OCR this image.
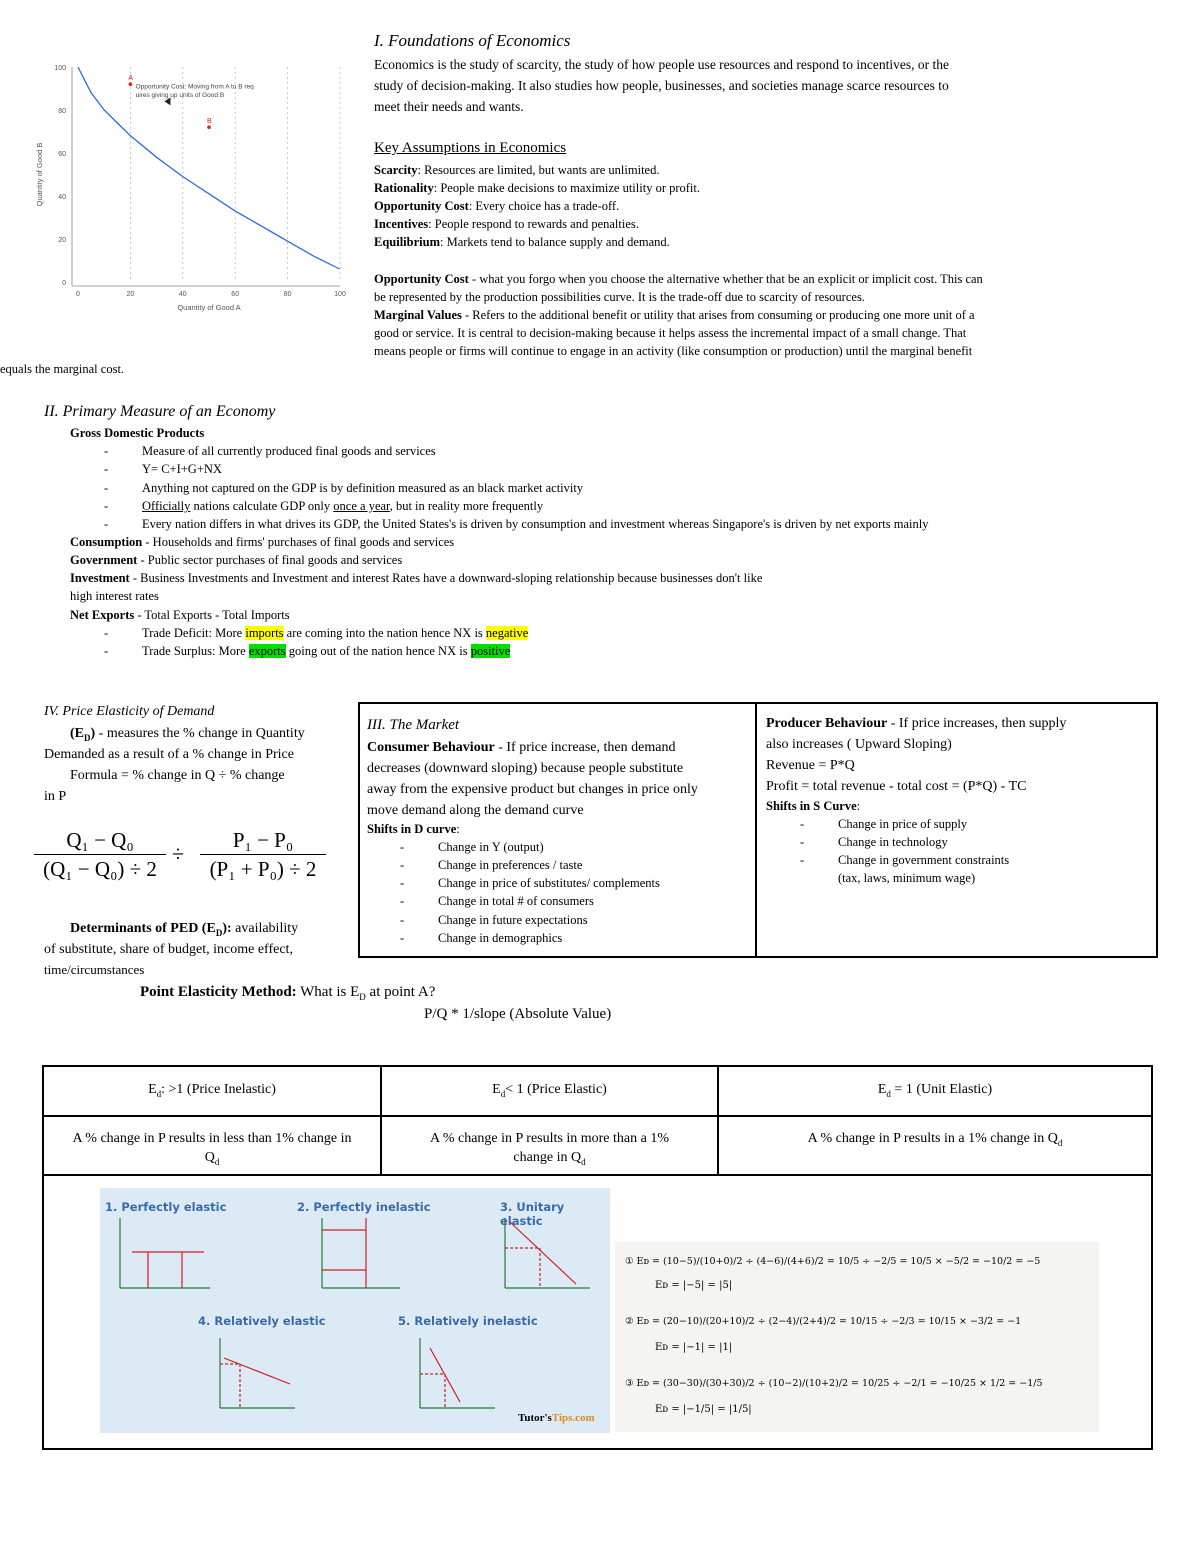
0	20	40	60	80	100
0
20
40
60
80
100
Quantity of Good A
Quantity of Good B
A
B
Opportunity Cost: Moving from A to B req
uires giving up units of Good B
I. Foundations of Economics
Economics is the study of scarcity, the study of how people use resources and respond to incentives, or the
study of decision-making. It also studies how people, businesses, and societies manage scarce resources to
meet their needs and wants.
Key Assumptions in Economics
Scarcity: Resources are limited, but wants are unlimited.
Rationality: People make decisions to maximize utility or profit.
Opportunity Cost: Every choice has a trade-off.
Incentives: People respond to rewards and penalties.
Equilibrium: Markets tend to balance supply and demand.
Opportunity Cost - what you forgo when you choose the alternative whether that be an explicit or implicit cost. This can
be represented by the production possibilities curve. It is the trade-off due to scarcity of resources.
Marginal Values - Refers to the additional benefit or utility that arises from consuming or producing one more unit of a
good or service. It is central to decision-making because it helps assess the incremental impact of a small change. That
means people or firms will continue to engage in an activity (like consumption or production) until the marginal benefit
equals the marginal cost.
II. Primary Measure of an Economy
Gross Domestic Products
- Measure of all currently produced final goods and services
- Y= C+I+G+NX
- Anything not captured on the GDP is by definition measured as an black market activity
- Officially nations calculate GDP only once a year, but in reality more frequently
- Every nation differs in what drives its GDP, the United States's is driven by consumption and investment whereas Singapore's is driven by net exports mainly
Consumption - Households and firms' purchases of final goods and services
Government - Public sector purchases of final goods and services
Investment - Business Investments and Investment and interest Rates have a downward-sloping relationship because businesses don't like
high interest rates
Net Exports - Total Exports - Total Imports
- Trade Deficit: More imports are coming into the nation hence NX is negative
- Trade Surplus: More exports going out of the nation hence NX is positive
IV. Price Elasticity of Demand
$(E_D)$ - measures the % change in Quantity
Demanded as a result of a % change in Price
Formula = % change in Q ÷ % change
in P
Q₁ − Q₀
(Q₁ − Q₀) ÷ 2
÷
P₁ − P₀
(P₁ + P₀) ÷ 2
Determinants of PED $(E_D)$: availability
of substitute, share of budget, income effect,
time/circumstances
III. The Market
Consumer Behaviour - If price increase, then demand
decreases (downward sloping) because people substitute
away from the expensive product but changes in price only
move demand along the demand curve
Shifts in D curve:
- Change in Y (output)
- Change in preferences / taste
- Change in price of substitutes/ complements
- Change in total # of consumers
- Change in future expectations
- Change in demographics
Producer Behaviour - If price increases, then supply
also increases ( Upward Sloping)
Revenue = P*Q
Profit = total revenue - total cost = (P*Q) - TC
Shifts in S Curve:
- Change in price of supply
- Change in technology
- Change in government constraints
(tax, laws, minimum wage)
Point Elasticity Method: What is $E_D$ at point A?
P/Q * 1/slope (Absolute Value)
$E_d$: >1 (Price Inelastic)	$E_d< 1$ (Price Elastic)	$E_d = 1$ (Unit Elastic)
A % change in P results in less than 1% change in
$Q_d$
A % change in P results in more than a 1%
change in $Q_d$
A % change in P results in a 1% change in $Q_d$
1. Perfectly elastic	2. Perfectly inelastic	3. Unitary elastic
4. Relatively elastic	5. Relatively inelastic
Tutor'sTips.com
① Eᴅ = (10−5)/(10+0)/2 ÷ (4−6)/(4+6)/2 = 10/5 ÷ −2/5 = 10/5 × −5/2 = −10/2 = −5
Eᴅ = |−5| = |5|
② Eᴅ = (20−10)/(20+10)/2 ÷ (2−4)/(2+4)/2 = 10/15 ÷ −2/3 = 10/15 × −3/2 = −1
Eᴅ = |−1| = |1|
③ Eᴅ = (30−30)/(30+30)/2 ÷ (10−2)/(10+2)/2 = 10/25 ÷ −2/1 = −10/25 × 1/2 = −1/5
Eᴅ = |−1/5| = |1/5|
